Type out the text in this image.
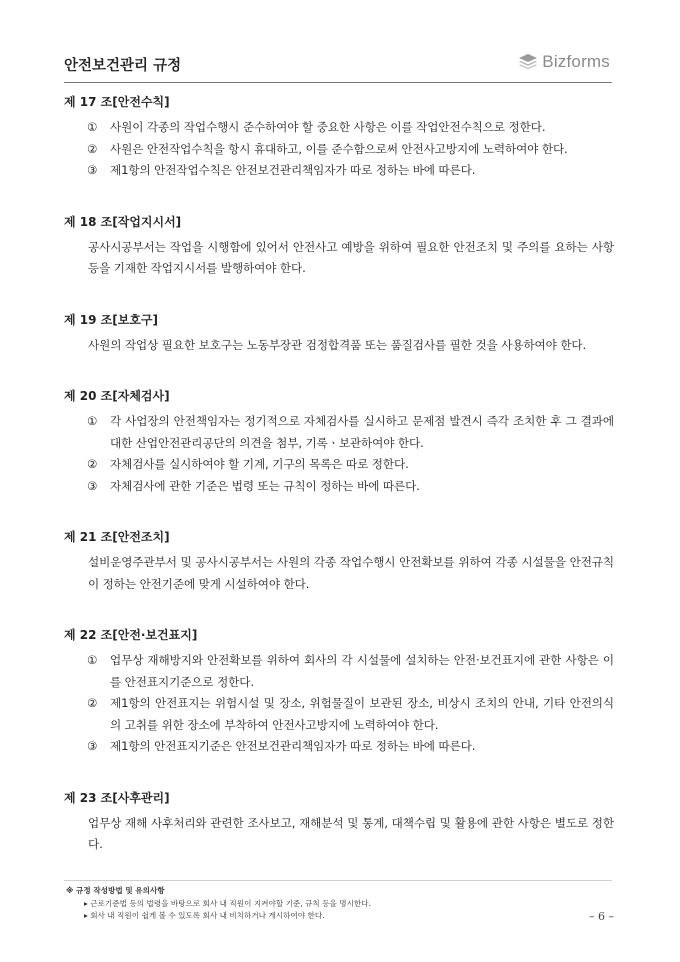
안전보건관리 규정	Bizforms
제 17 조[안전수칙]
① 사원이 각종의 작업수행시 준수하여야 할 중요한 사항은 이를 작업안전수칙으로 정한다.
② 사원은 안전작업수칙을 항시 휴대하고, 이를 준수함으로써 안전사고방지에 노력하여야 한다.
③ 제1항의 안전작업수칙은 안전보건관리책임자가 따로 정하는 바에 따른다.
제 18 조[작업지시서]
공사시공부서는 작업을 시행함에 있어서 안전사고 예방을 위하여 필요한 안전조치 및 주의를 요하는 사항 등을 기재한 작업지시서를 발행하여야 한다.
제 19 조[보호구]
사원의 작업상 필요한 보호구는 노동부장관 검정합격품 또는 품질검사를 필한 것을 사용하여야 한다.
제 20 조[자체검사]
① 각 사업장의 안전책임자는 정기적으로 자체검사를 실시하고 문제점 발견시 즉각 조치한 후 그 결과에 대한 산업안전관리공단의 의견을 첨부, 기록ㆍ보관하여야 한다.
② 자체검사를 실시하여야 할 기계, 기구의 목록은 따로 정한다.
③ 자체검사에 관한 기준은 법령 또는 규칙이 정하는 바에 따른다.
제 21 조[안전조치]
설비운영주관부서 및 공사시공부서는 사원의 각종 작업수행시 안전확보를 위하여 각종 시설물을 안전규칙이 정하는 안전기준에 맞게 시설하여야 한다.
제 22 조[안전·보건표지]
① 업무상 재해방지와 안전확보를 위하여 회사의 각 시설물에 설치하는 안전·보건표지에 관한 사항은 이를 안전표지기준으로 정한다.
② 제1항의 안전표지는 위험시설 및 장소, 위험물질이 보관된 장소, 비상시 조치의 안내, 기타 안전의식의 고취를 위한 장소에 부착하여 안전사고방지에 노력하여야 한다.
③ 제1항의 안전표지기준은 안전보건관리책임자가 따로 정하는 바에 따른다.
제 23 조[사후관리]
업무상 재해 사후처리와 관련한 조사보고, 재해분석 및 통계, 대책수립 및 활용에 관한 사항은 별도로 정한다.
※ 규정 작성방법 및 유의사항
▸ 근로기준법 등의 법령을 바탕으로 회사 내 직원이 지켜야할 기준, 규칙 등을 명시한다.
▸ 회사 내 직원이 쉽게 볼 수 있도록 회사 내 비치하거나 게시하여야 한다.	– 6 –
